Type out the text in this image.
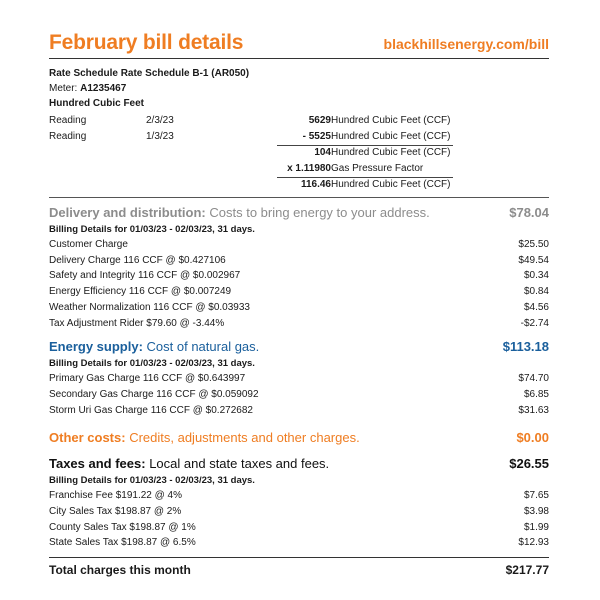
February bill details	blackhillsenergy.com/bill
Rate Schedule Rate Schedule B-1 (AR050)
Meter: A1235467
Hundred Cubic Feet
Reading	2/3/23	5629 Hundred Cubic Feet (CCF)
Reading	1/3/23	- 5525 Hundred Cubic Feet (CCF)
104 Hundred Cubic Feet (CCF)
x 1.11980 Gas Pressure Factor
116.46 Hundred Cubic Feet (CCF)
Delivery and distribution: Costs to bring energy to your address.	$78.04
Billing Details for 01/03/23 - 02/03/23, 31 days.
Customer Charge	$25.50
Delivery Charge 116 CCF @ $0.427106	$49.54
Safety and Integrity 116 CCF @ $0.002967	$0.34
Energy Efficiency 116 CCF @ $0.007249	$0.84
Weather Normalization 116 CCF @ $0.03933	$4.56
Tax Adjustment Rider $79.60 @ -3.44%	-$2.74
Energy supply: Cost of natural gas.	$113.18
Billing Details for 01/03/23 - 02/03/23, 31 days.
Primary Gas Charge 116 CCF @ $0.643997	$74.70
Secondary Gas Charge 116 CCF @ $0.059092	$6.85
Storm Uri Gas Charge 116 CCF @ $0.272682	$31.63
Other costs: Credits, adjustments and other charges.	$0.00
Taxes and fees: Local and state taxes and fees.	$26.55
Billing Details for 01/03/23 - 02/03/23, 31 days.
Franchise Fee $191.22 @ 4%	$7.65
City Sales Tax $198.87 @ 2%	$3.98
County Sales Tax $198.87 @ 1%	$1.99
State Sales Tax $198.87 @ 6.5%	$12.93
Total charges this month	$217.77
